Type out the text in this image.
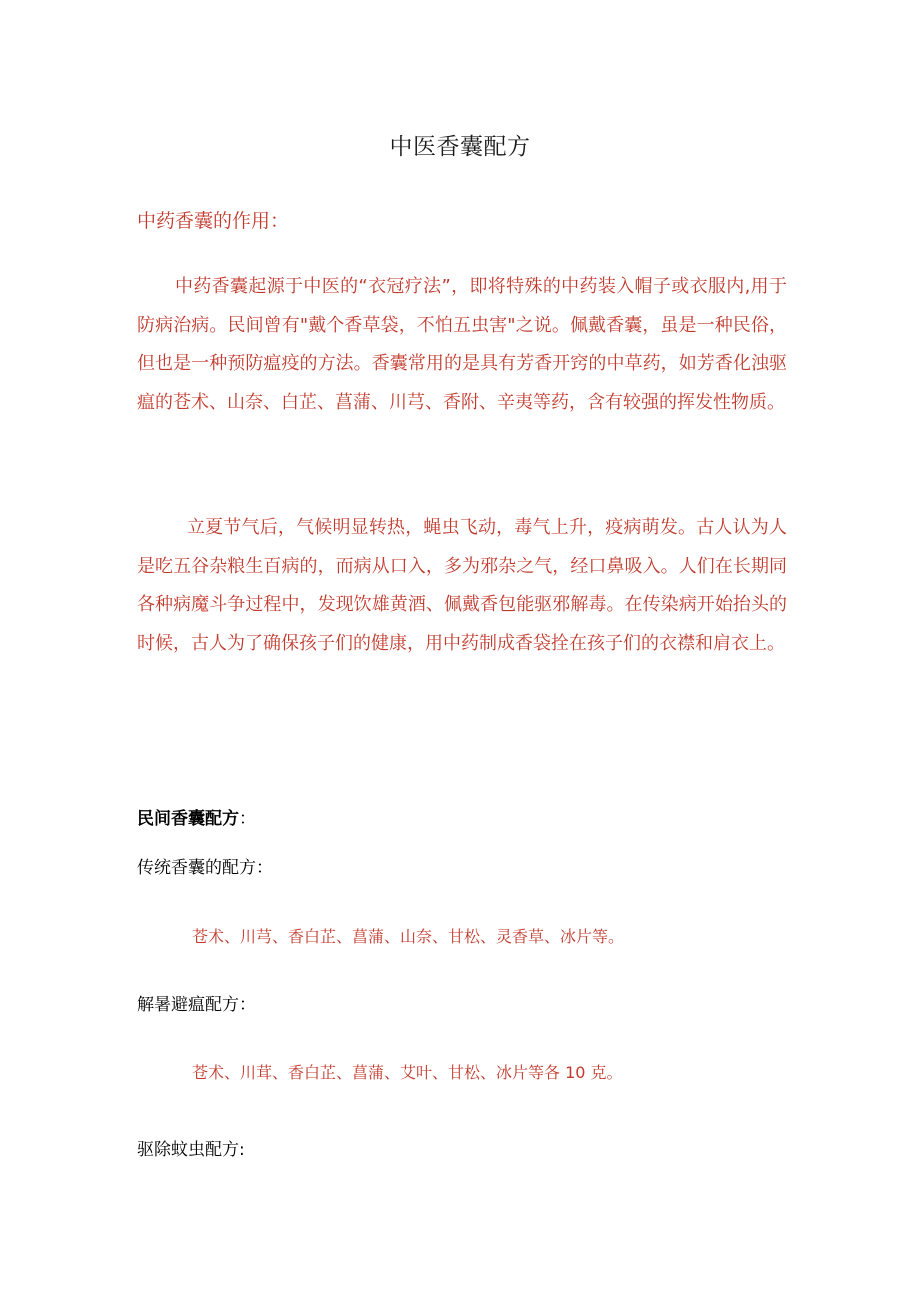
中医香囊配方
中药香囊的作用：
中药香囊起源于中医的“衣冠疗法”，即将特殊的中药装入帽子或衣服内,用于防病治病。民间曾有"戴个香草袋，不怕五虫害"之说。佩戴香囊，虽是一种民俗，但也是一种预防瘟疫的方法。香囊常用的是具有芳香开窍的中草药，如芳香化浊驱瘟的苍术、山奈、白芷、菖蒲、川芎、香附、辛夷等药，含有较强的挥发性物质。
立夏节气后，气候明显转热，蝇虫飞动，毒气上升，疫病萌发。古人认为人是吃五谷杂粮生百病的，而病从口入，多为邪杂之气，经口鼻吸入。人们在长期同各种病魔斗争过程中，发现饮雄黄酒、佩戴香包能驱邪解毒。在传染病开始抬头的时候，古人为了确保孩子们的健康，用中药制成香袋拴在孩子们的衣襟和肩衣上。
民间香囊配方：
传统香囊的配方：
苍术、川芎、香白芷、菖蒲、山奈、甘松、灵香草、冰片等。
解暑避瘟配方：
苍术、川茸、香白芷、菖蒲、艾叶、甘松、冰片等各 10 克。
驱除蚊虫配方:
